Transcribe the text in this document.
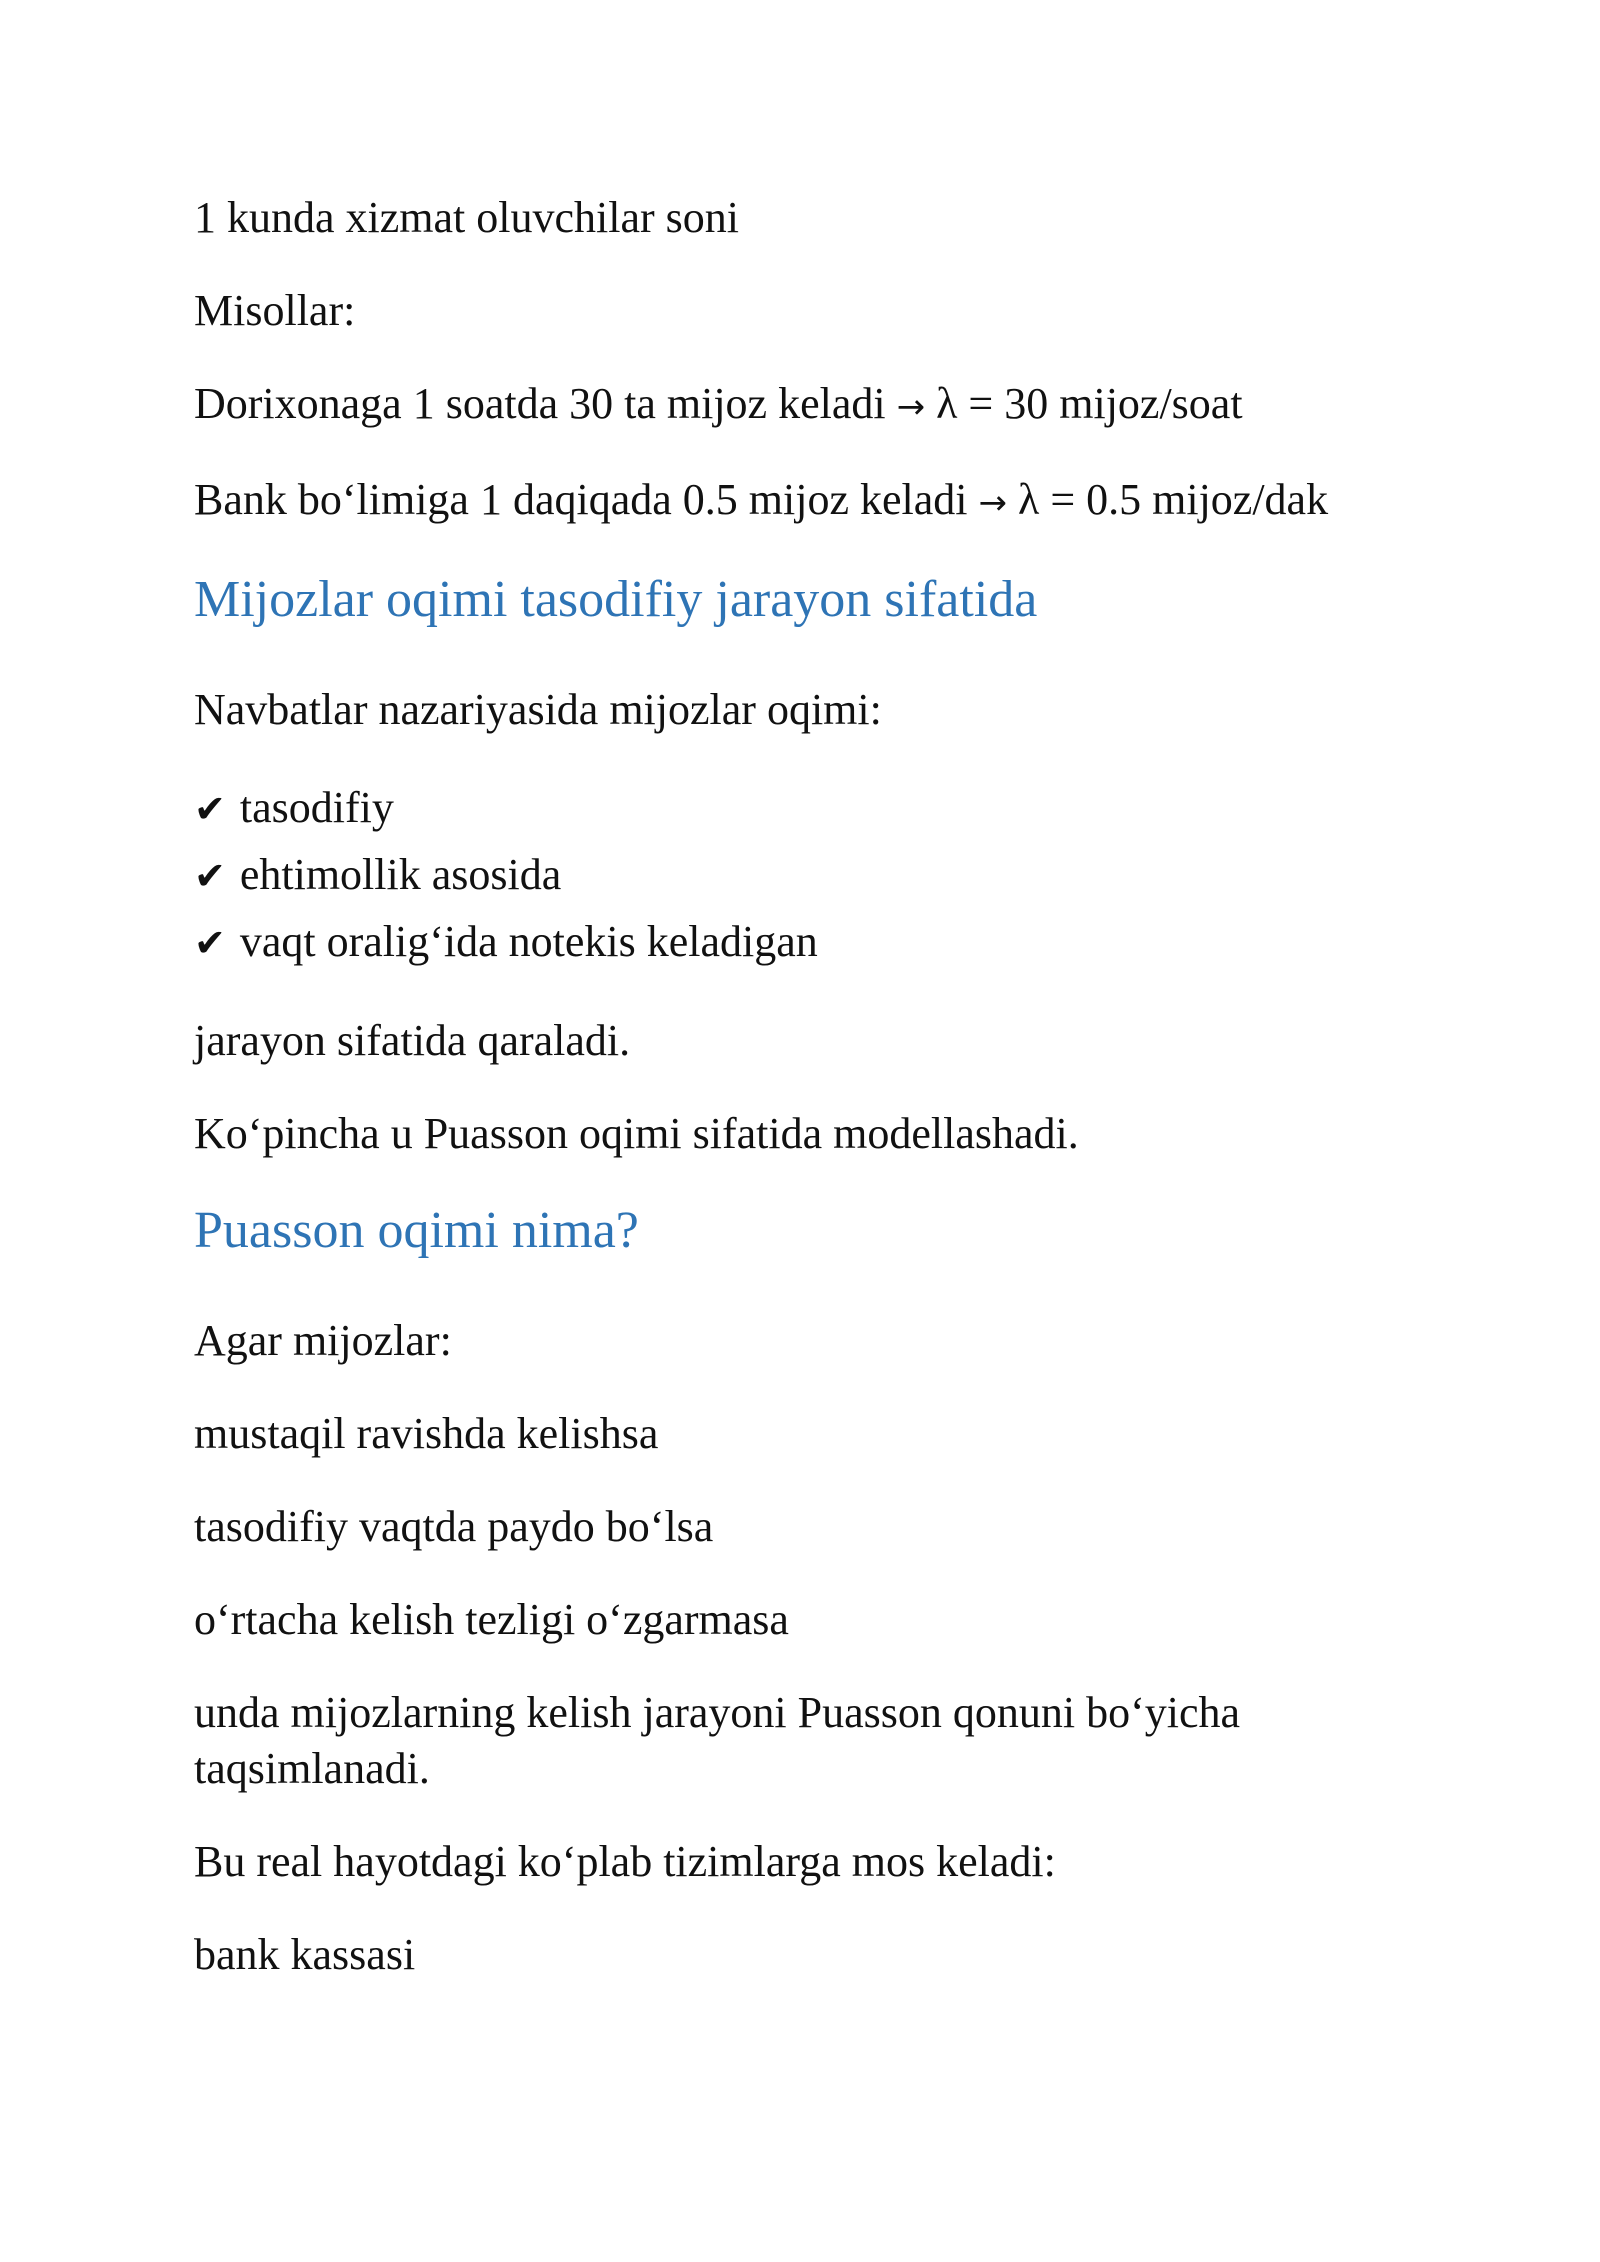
1 kunda xizmat oluvchilar soni

Misollar:

Dorixonaga 1 soatda 30 ta mijoz keladi → λ = 30 mijoz/soat

Bank bo‘limiga 1 daqiqada 0.5 mijoz keladi → λ = 0.5 mijoz/dak

Mijozlar oqimi tasodifiy jarayon sifatida

Navbatlar nazariyasida mijozlar oqimi:

✔ tasodifiy
✔ ehtimollik asosida
✔ vaqt oralig‘ida notekis keladigan

jarayon sifatida qaraladi.

Ko‘pincha u Puasson oqimi sifatida modellashadi.

Puasson oqimi nima?

Agar mijozlar:

mustaqil ravishda kelishsa

tasodifiy vaqtda paydo bo‘lsa

o‘rtacha kelish tezligi o‘zgarmasa

unda mijozlarning kelish jarayoni Puasson qonuni bo‘yicha taqsimlanadi.

Bu real hayotdagi ko‘plab tizimlarga mos keladi:

bank kassasi
